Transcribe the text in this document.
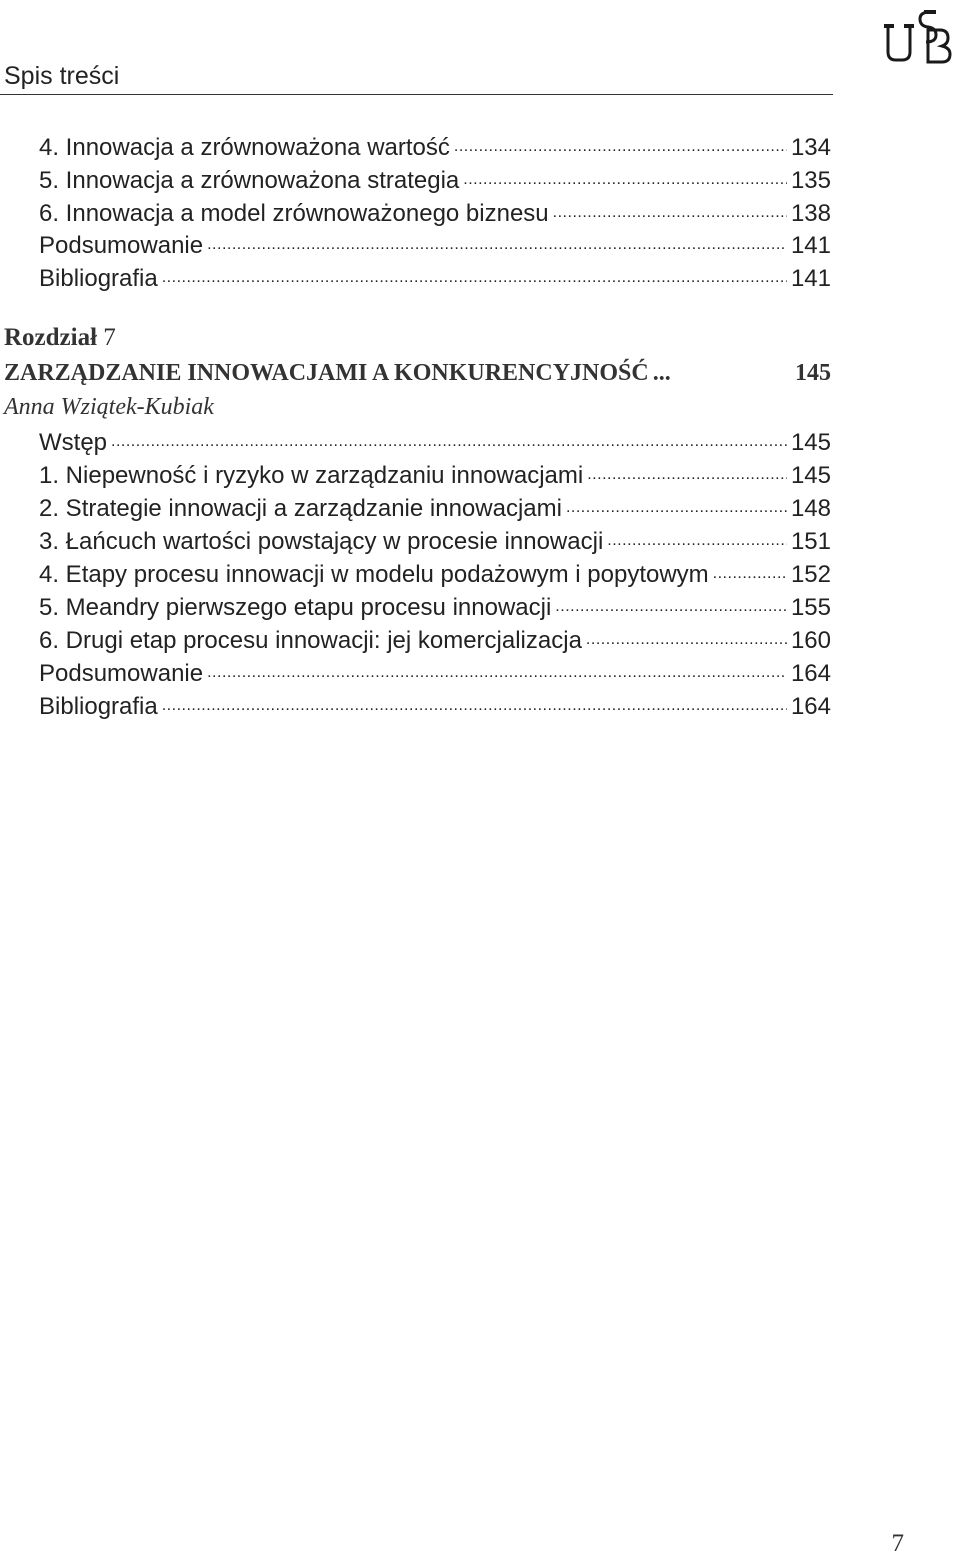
Spis treści
4. Innowacja a zrównoważona wartość .....	134
5. Innowacja a zrównoważona strategia .....	135
6. Innowacja a model zrównoważonego biznesu .....	138
Podsumowanie .....	141
Bibliografia .....	141
Rozdział 7
ZARZĄDZANIE INNOWACJAMI A KONKURENCYJNOŚĆ ...	145
Anna Wziątek-Kubiak
Wstęp .....	145
1. Niepewność i ryzyko w zarządzaniu innowacjami .....	145
2. Strategie innowacji a zarządzanie innowacjami .....	148
3. Łańcuch wartości powstający w procesie innowacji .....	151
4. Etapy procesu innowacji w modelu podażowym i popytowym .....	152
5. Meandry pierwszego etapu procesu innowacji .....	155
6. Drugi etap procesu innowacji: jej komercjalizacja .....	160
Podsumowanie .....	164
Bibliografia .....	164
7
